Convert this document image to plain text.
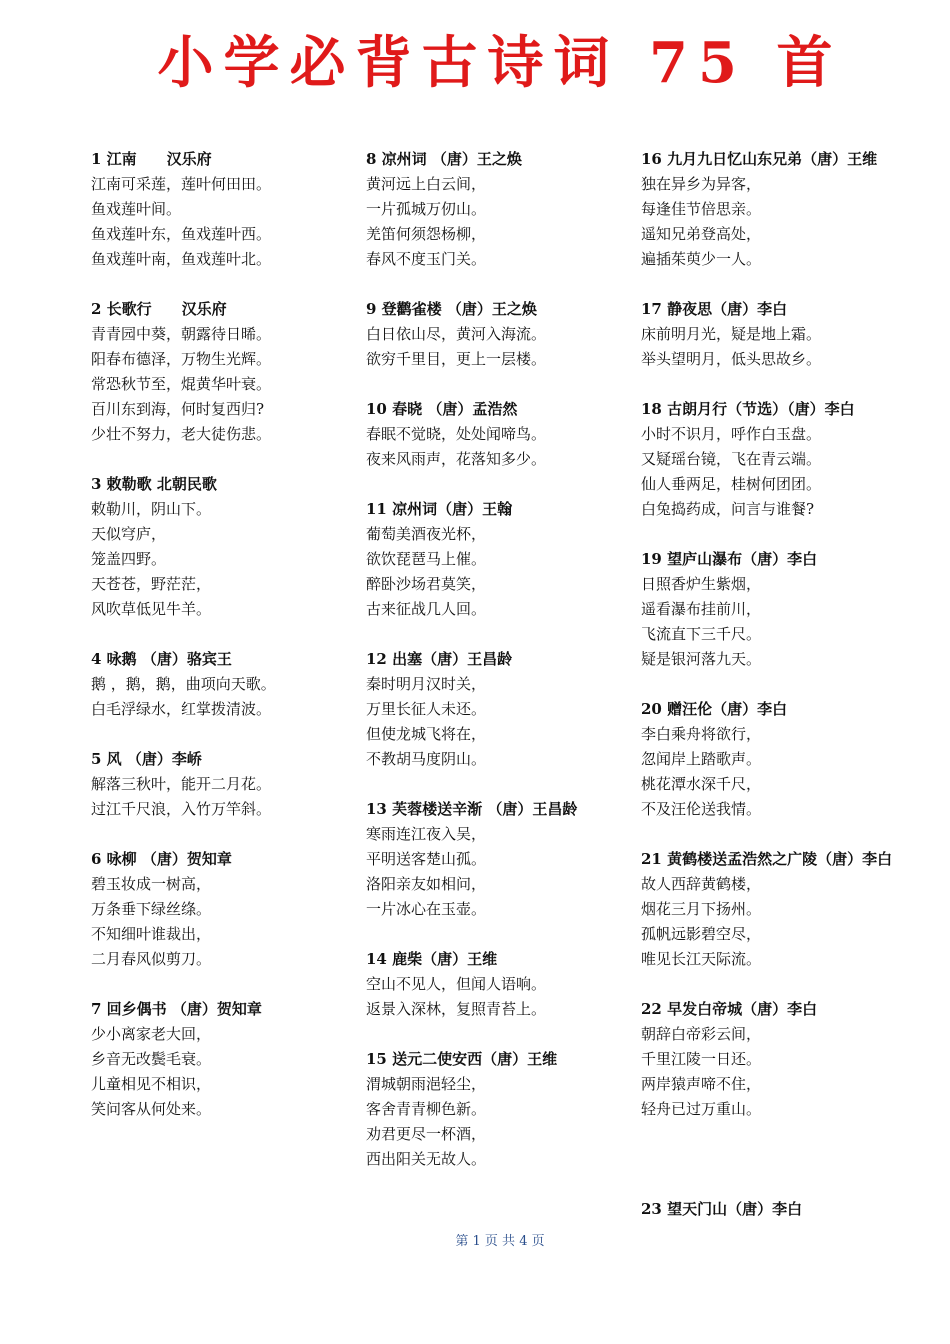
小学必背古诗词 75 首
1 江南　　汉乐府
江南可采莲，莲叶何田田。
鱼戏莲叶间。
鱼戏莲叶东，鱼戏莲叶西。
鱼戏莲叶南，鱼戏莲叶北。
2 长歌行　　汉乐府
青青园中葵，朝露待日晞。
阳春布德泽，万物生光辉。
常恐秋节至，焜黄华叶衰。
百川东到海，何时复西归?
少壮不努力，老大徒伤悲。
3 敕勒歌 北朝民歌
敕勒川，阴山下。
天似穹庐，
笼盖四野。
天苍苍，野茫茫，
风吹草低见牛羊。
4 咏鹅 （唐）骆宾王
鹅 ，鹅，鹅，曲项向天歌。
白毛浮绿水，红掌拨清波。
5 风 （唐）李峤
解落三秋叶，能开二月花。
过江千尺浪，入竹万竿斜。
6 咏柳 （唐）贺知章
碧玉妆成一树高，
万条垂下绿丝绦。
不知细叶谁裁出，
二月春风似剪刀。
7 回乡偶书 （唐）贺知章
少小离家老大回，
乡音无改鬓毛衰。
儿童相见不相识，
笑问客从何处来。
8 凉州词 （唐）王之焕
黄河远上白云间，
一片孤城万仞山。
羌笛何须怨杨柳，
春风不度玉门关。
9 登鹳雀楼 （唐）王之焕
白日依山尽，黄河入海流。
欲穷千里目，更上一层楼。
10 春晓 （唐）孟浩然
春眠不觉晓，处处闻啼鸟。
夜来风雨声，花落知多少。
11 凉州词（唐）王翰
葡萄美酒夜光杯，
欲饮琵琶马上催。
醉卧沙场君莫笑，
古来征战几人回。
12 出塞（唐）王昌龄
秦时明月汉时关，
万里长征人未还。
但使龙城飞将在，
不教胡马度阴山。
13 芙蓉楼送辛渐 （唐）王昌龄
寒雨连江夜入吴，
平明送客楚山孤。
洛阳亲友如相问，
一片冰心在玉壶。
14 鹿柴（唐）王维
空山不见人，但闻人语响。
返景入深林，复照青苔上。
15 送元二使安西（唐）王维
渭城朝雨浥轻尘，
客舍青青柳色新。
劝君更尽一杯酒，
西出阳关无故人。
16 九月九日忆山东兄弟（唐）王维
独在异乡为异客，
每逢佳节倍思亲。
遥知兄弟登高处，
遍插茱萸少一人。
17 静夜思（唐）李白
床前明月光，疑是地上霜。
举头望明月，低头思故乡。
18 古朗月行（节选）（唐）李白
小时不识月，呼作白玉盘。
又疑瑶台镜，飞在青云端。
仙人垂两足，桂树何团团。
白兔捣药成，问言与谁餐?
19 望庐山瀑布（唐）李白
日照香炉生紫烟，
遥看瀑布挂前川，
飞流直下三千尺。
疑是银河落九天。
20 赠汪伦（唐）李白
李白乘舟将欲行，
忽闻岸上踏歌声。
桃花潭水深千尺，
不及汪伦送我情。
21 黄鹤楼送孟浩然之广陵（唐）李白
故人西辞黄鹤楼，
烟花三月下扬州。
孤帆远影碧空尽，
唯见长江天际流。
22 早发白帝城（唐）李白
朝辞白帝彩云间，
千里江陵一日还。
两岸猿声啼不住，
轻舟已过万重山。
23 望天门山（唐）李白
第 1 页 共 4 页
